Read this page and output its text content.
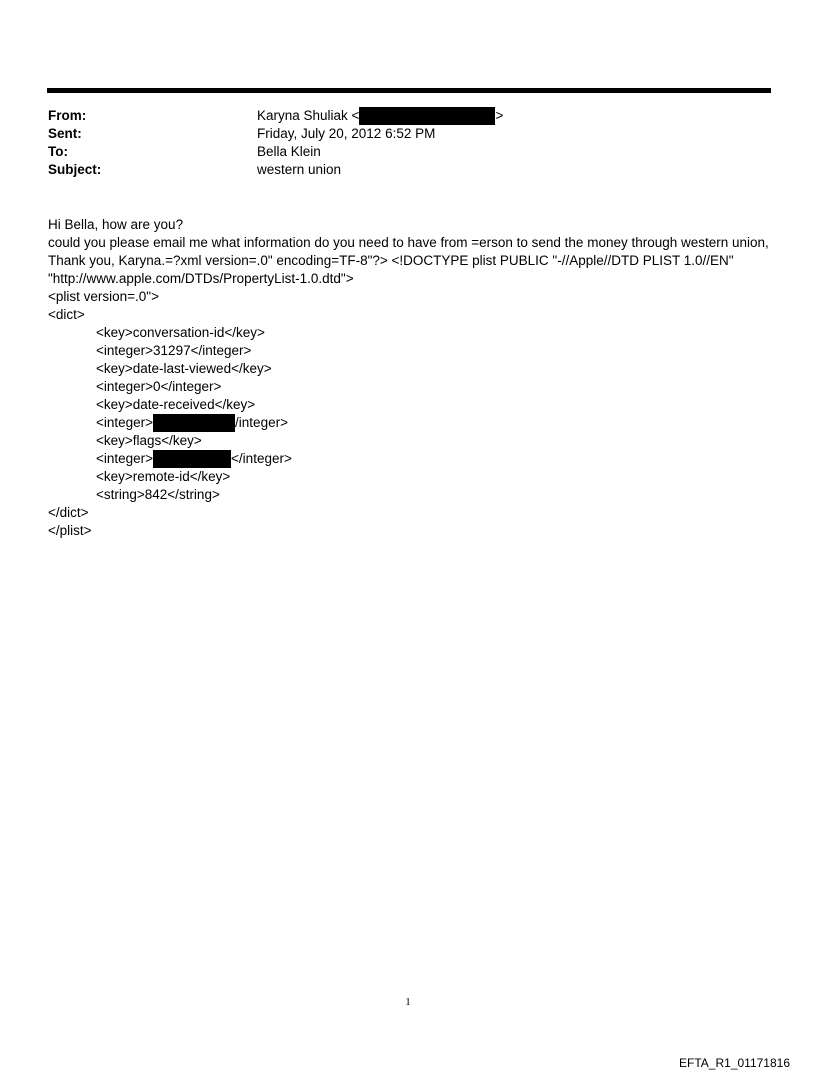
From:	Karyna Shuliak <	>
Sent:	Friday, July 20, 2012 6:52 PM
To:	Bella Klein
Subject:	western union
Hi Bella, how are you?
could you please email me what information do you need to have from =erson to send the money through western union, Thank you, Karyna.=?xml version=.0" encoding=TF-8"?> <!DOCTYPE plist PUBLIC "-//Apple//DTD PLIST 1.0//EN" "http://www.apple.com/DTDs/PropertyList-1.0.dtd">
<plist version=.0">
<dict>
<key>conversation-id</key>
<integer>31297</integer>
<key>date-last-viewed</key>
<integer>0</integer>
<key>date-received</key>
<integer>	/integer>
<key>flags</key>
<integer>	</integer>
<key>remote-id</key>
<string>842</string>
</dict>
</plist>
1
EFTA_R1_01171816
